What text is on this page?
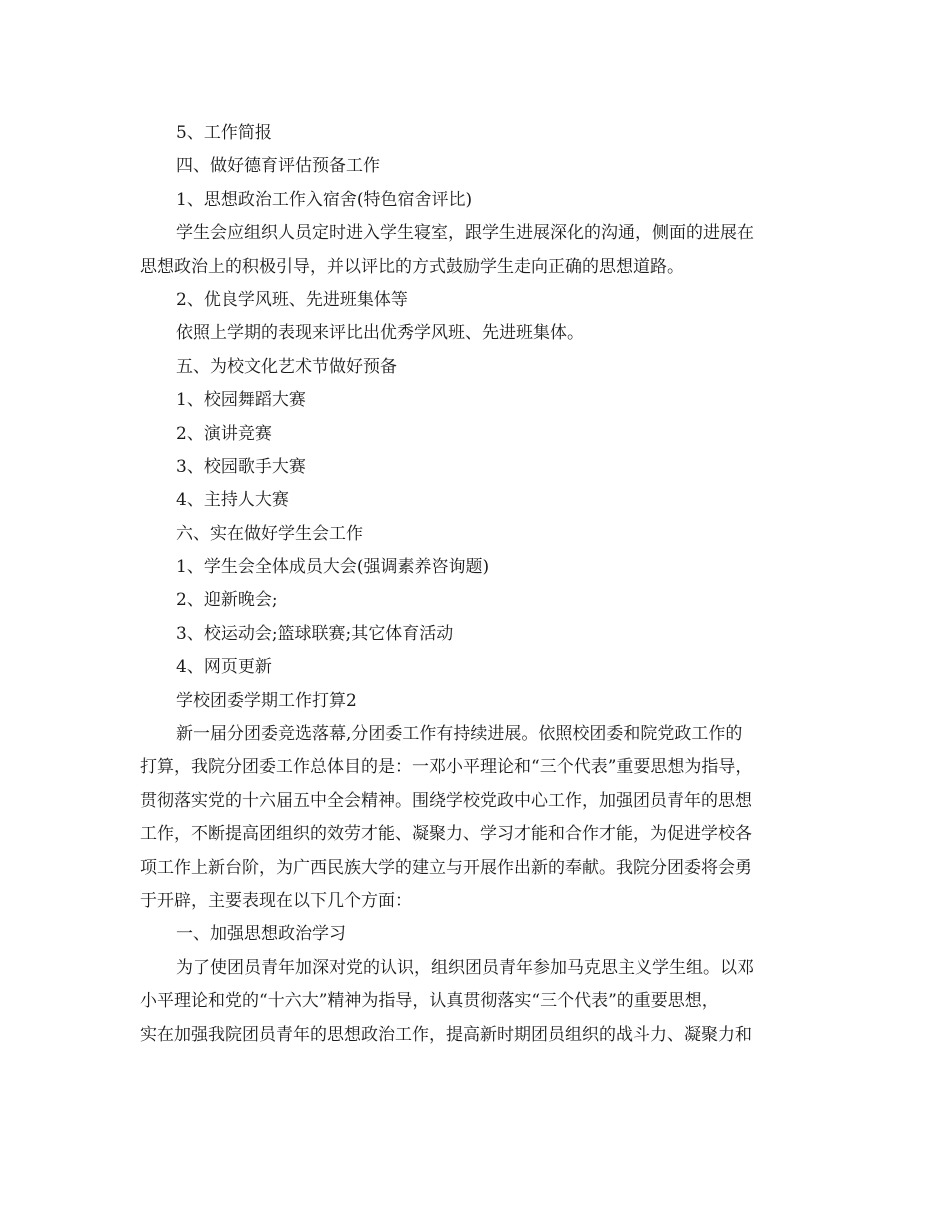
5、工作简报
四、做好德育评估预备工作
1、思想政治工作入宿舍(特色宿舍评比)
学生会应组织人员定时进入学生寝室，跟学生进展深化的沟通，侧面的进展在
思想政治上的积极引导，并以评比的方式鼓励学生走向正确的思想道路。
2、优良学风班、先进班集体等
依照上学期的表现来评比出优秀学风班、先进班集体。
五、为校文化艺术节做好预备
1、校园舞蹈大赛
2、演讲竞赛
3、校园歌手大赛
4、主持人大赛
六、实在做好学生会工作
1、学生会全体成员大会(强调素养咨询题)
2、迎新晚会;
3、校运动会;篮球联赛;其它体育活动
4、网页更新
学校团委学期工作打算2
新一届分团委竞选落幕,分团委工作有持续进展。依照校团委和院党政工作的
打算，我院分团委工作总体目的是：一邓小平理论和“三个代表”重要思想为指导，
贯彻落实党的十六届五中全会精神。围绕学校党政中心工作，加强团员青年的思想
工作，不断提高团组织的效劳才能、凝聚力、学习才能和合作才能，为促进学校各
项工作上新台阶，为广西民族大学的建立与开展作出新的奉献。我院分团委将会勇
于开辟，主要表现在以下几个方面：
一、加强思想政治学习
为了使团员青年加深对党的认识，组织团员青年参加马克思主义学生组。以邓
小平理论和党的“十六大”精神为指导，认真贯彻落实“三个代表”的重要思想，
实在加强我院团员青年的思想政治工作，提高新时期团员组织的战斗力、凝聚力和
